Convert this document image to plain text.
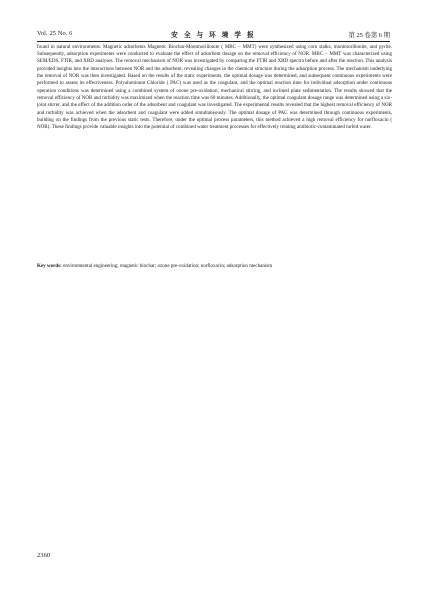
Vol. 25 No. 6	安 全 与 环 境 学 报	第 25 卷第 6 期

found in natural environments. Magnetic adsorbents Magnetic Biochar-Montmorillonite ( MBC − MMT) were synthesized using corn stalks, montmorillonite, and pyrite. Subsequently, adsorption experiments were conducted to evaluate the effect of adsorbent dosage on the removal efficiency of NOR. MBC − MMT was characterized using SEM/EDS, FTIR, and XRD analyses. The removal mechanism of NOR was investigated by comparing the FTIR and XRD spectra before and after the reaction. This analysis provided insights into the interactions between NOR and the adsorbent, revealing changes in the chemical structure during the adsorption process. The mechanism underlying the removal of NOR was then investigated. Based on the results of the static experiments, the optimal dosage was determined, and subsequent continuous experiments were performed to assess its effectiveness. Polyaluminum Chloride ( PAC) was used as the coagulant, and the optimal reaction time for individual adsorption under continuous operation conditions was determined using a combined system of ozone pre-oxidation, mechanical stirring, and inclined plate sedimentation. The results showed that the removal efficiency of NOR and turbidity was maximized when the reaction time was 60 minutes. Additionally, the optimal coagulant dosage range was determined using a six-joint stirrer, and the effect of the addition order of the adsorbent and coagulant was investigated. The experimental results revealed that the highest removal efficiency of NOR and turbidity was achieved when the adsorbent and coagulant were added simultaneously. The optimal dosage of PAC was determined through continuous experiments, building on the findings from the previous static tests. Therefore, under the optimal process parameters, this method achieved a high removal efficiency for norfloxacin ( NOR). These findings provide valuable insights into the potential of combined water treatment processes for effectively treating antibiotic-contaminated turbid water.

Key words: environmental engineering; magnetic biochar; ozone pre-oxidation; norfloxacin; adsorption mechanism

2360
